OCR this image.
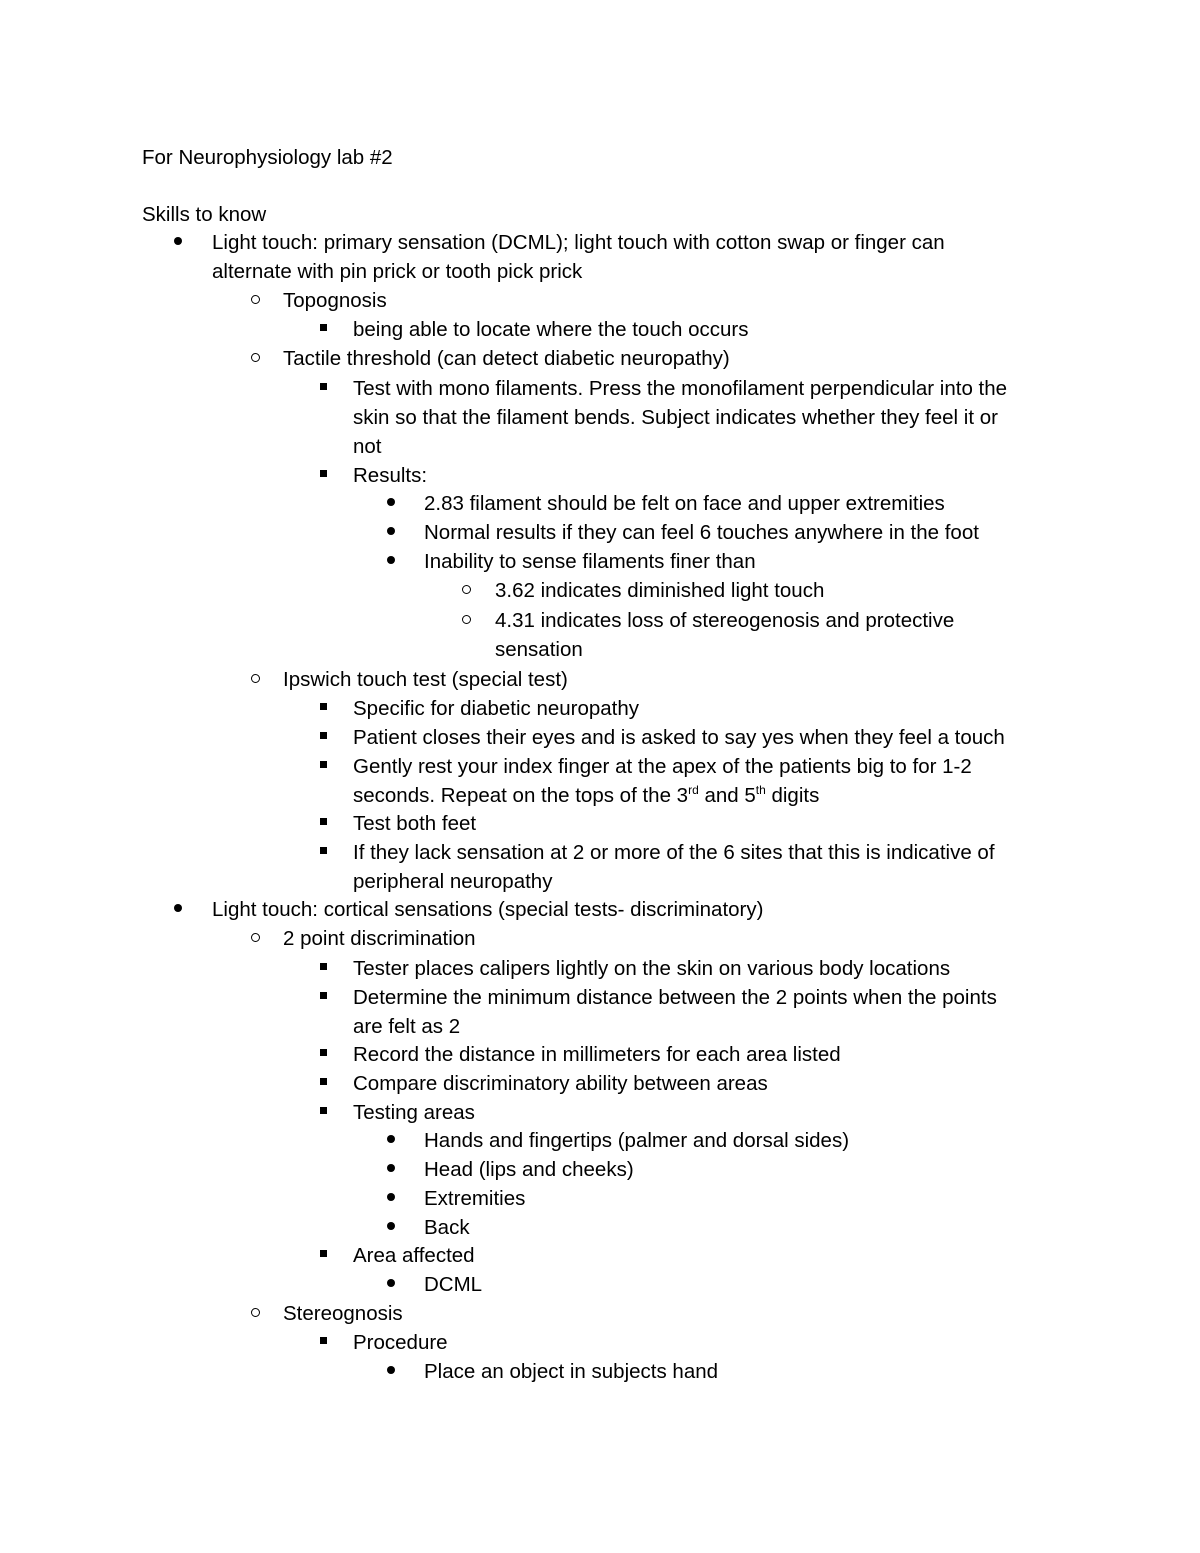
For Neurophysiology lab #2
Skills to know
Light touch: primary sensation (DCML); light touch with cotton swap or finger can
alternate with pin prick or tooth pick prick
Topognosis
being able to locate where the touch occurs
Tactile threshold (can detect diabetic neuropathy)
Test with mono filaments. Press the monofilament perpendicular into the
skin so that the filament bends. Subject indicates whether they feel it or
not
Results:
2.83 filament should be felt on face and upper extremities
Normal results if they can feel 6 touches anywhere in the foot
Inability to sense filaments finer than
3.62 indicates diminished light touch
4.31 indicates loss of stereogenosis and protective
sensation
Ipswich touch test (special test)
Specific for diabetic neuropathy
Patient closes their eyes and is asked to say yes when they feel a touch
Gently rest your index finger at the apex of the patients big to for 1-2
seconds. Repeat on the tops of the 3rd and 5th digits
Test both feet
If they lack sensation at 2 or more of the 6 sites that this is indicative of
peripheral neuropathy
Light touch: cortical sensations (special tests- discriminatory)
2 point discrimination
Tester places calipers lightly on the skin on various body locations
Determine the minimum distance between the 2 points when the points
are felt as 2
Record the distance in millimeters for each area listed
Compare discriminatory ability between areas
Testing areas
Hands and fingertips (palmer and dorsal sides)
Head (lips and cheeks)
Extremities
Back
Area affected
DCML
Stereognosis
Procedure
Place an object in subjects hand
